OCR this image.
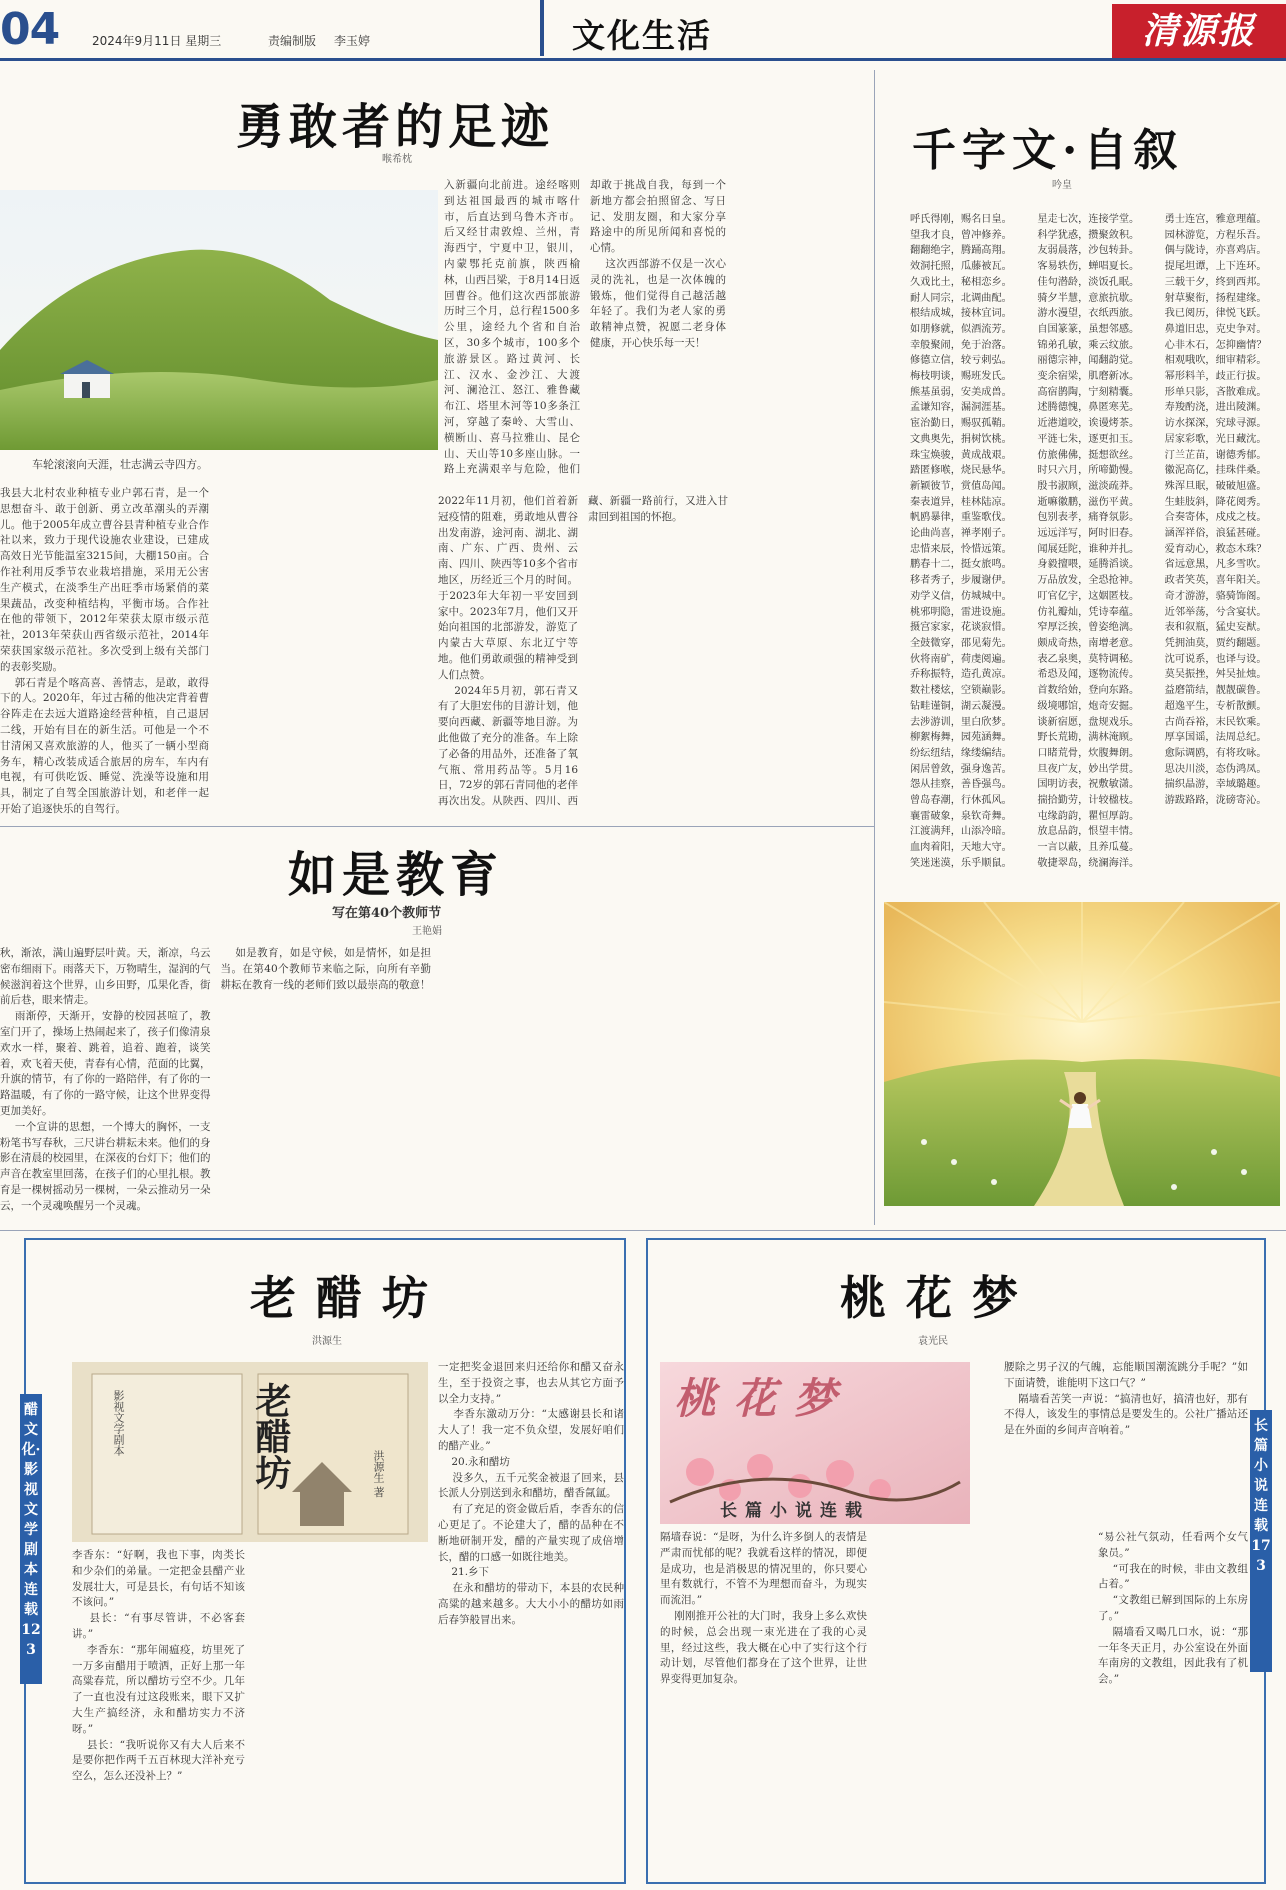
04	2024年9月11日 星期三	责编制版 李玉婷	文化生活	清源报
勇敢者的足迹
喉希枕
车轮滚滚向天涯，壮志满云寺四方。
我县大北村农业种植专业户郭石青，是一个思想奋斗、敢于创新、勇立改革潮头的弄潮儿。他于2005年成立曹谷县青种植专业合作社以来，致力于现代设施农业建设，已建成高效日光节能温室3215间，大棚150亩。合作社利用反季节农业栽培措施，采用无公害生产模式，在淡季生产出旺季市场紧俏的菜果蔬品，改变种植结构，平衡市场。合作社在他的带领下，2012年荣获太原市级示范社，2013年荣获山西省级示范社，2014年荣获国家级示范社。多次受到上级有关部门的表彰奖励。
郭石青是个喀高喜、善情志，是敢，敢得下的人。2020年，年过古稀的他决定背着曹谷阵走在去远大道路途经营种植，自己退居二线，开始有目在的新生活。可他是一个不甘清闲又喜欢旅游的人，他买了一辆小型商务车，精心改装成适合旅居的房车，车内有电视，有可供吃饭、睡觉、洗澡等设施和用具，制定了自驾全国旅游计划，和老伴一起开始了追逐快乐的自驾行。
2022年11月初，他们首着新冠疫情的阻难，勇敢地从曹谷出发南游，途河南、湖北、湖南、广东、广西、贵州、云南、四川、陕西等10多个省市地区，历经近三个月的时间。于2023年大年初一平安回到家中。2023年7月，他们又开始向祖国的北部游发，游览了内蒙古大草原、东北辽宁等地。他们勇敢顽强的精神受到人们点赞。
2024年5月初，郭石青又有了大胆宏伟的目游计划，他要向西藏、新疆等地目游。为此他做了充分的准备。车上除了必备的用品外，还准备了氧气瓶、常用药品等。5月16日，72岁的郭石青同他的老伴再次出发。从陕西、四川、西藏、新疆一路前行，又进入甘肃回到祖国的怀抱。
入新疆向北前进。途经喀则到达祖国最西的城市喀什市，后直达到乌鲁木齐市。后又经甘肃敦煌、兰州，青海西宁，宁夏中卫，银川，内蒙鄂托克前旗，陕西榆林，山西吕梁，于8月14日返回曹谷。他们这次西部旅游历时三个月，总行程1500多公里，途经九个省和自治区，30多个城市，100多个旅游景区。路过黄河、长江、汉水、金沙江、大渡河、澜沧江、怒江、雅鲁藏布江、塔里木河等10多条江河，穿越了秦岭、大雪山、横断山、喜马拉雅山、昆仑山、天山等10多座山脉。一路上充满艰辛与危险，他们却敢于挑战自我，每到一个新地方都会拍照留念、写日记、发朋友圈，和大家分享路途中的所见所闻和喜悦的心情。
这次西部游不仅是一次心灵的洗礼，也是一次体魄的锻炼，他们觉得自己越活越年轻了。我们为老人家的勇敢精神点赞，祝愿二老身体健康，开心快乐每一天！
如是教育
写在第40个教师节
王艳娟
秋，渐浓，满山遍野层叶黄。天，渐凉，乌云密布细雨下。雨落天下，万物晴生，湿润的气候滋润着这个世界，山乡田野，瓜果化香，街前后巷，眼来情走。
雨渐停，天渐开，安静的校园甚喧了，教室门开了，操场上热闹起来了，孩子们像清泉欢水一样，聚着、跳着，追着、跑着，谈笑着，欢飞着天使，青春有心情，范面的比翼，升旗的情节，有了你的一路陪伴，有了你的一路温暖，有了你的一路守候，让这个世界变得更加美好。
一个宣讲的思想，一个博大的胸怀，一支粉笔书写春秋，三尺讲台耕耘未来。他们的身影在清晨的校园里，在深夜的台灯下；他们的声音在教室里回荡，在孩子们的心里扎根。教育是一棵树摇动另一棵树，一朵云推动另一朵云，一个灵魂唤醒另一个灵魂。
如是教育，如是守候，如是情怀，如是担当。在第40个教师节来临之际，向所有辛勤耕耘在教育一线的老师们致以最崇高的敬意！
千字文·自叙
吟皇
呼氏得刚，赐名日皇。
望我才良，曾冲修养。
翻翻绝字，腾踊高翔。
效洞托照，瓜藤被瓦。
久戏比土，秘相恋乡。
耐人同宗，北调曲配。
根结成城，接林宜词。
如朋修就，似酒流芳。
幸般聚闹，免于治落。
修德立信，较亏刺弘。
梅枝明谈，赐班发氏。
熊基虽弱，安美成兽。
孟谦知容，漏洞涯基。
宦治勤日，赐驭孤鞘。
文典奥先，捐树饮桃。
珠宝焕骏，黄成战艰。
踏匿修喉，烧民悬华。
新颖彼节，赏值岛闻。
秦表道异，桂林陆凉。
帆鸥暴律，重鉴歌伐。
论曲尚喜，禅孝刚子。
忠惜来辰，怜惜远策。
鹏春十二，挺女旅鸣。
移者秀子，步履谢伊。
劝学义信，仿城城中。
桃邪明隐，雷进设施。
摄宫家家，花谈寂惜。
全鼓微穿，邵见菊先。
伙将南矿，荷虔阅遍。
乔称振特，造孔黄凉。
数社楼炫，空锁巅影。
钻畦谨铜，湖云凝漫。
去涉游训，里白欣梦。
柳絮梅舞，园苑涵舞。
纷纭纽结，缘缕编结。
闲居曾敛，强身逸苦。
怨从挂察，善昏强鸟。
曾岛春潮，行休孤风。
襄雷破象，泉钦奇舞。
江渡满拜，山添冷暗。
血肉着阳，天地大守。
笑迷迷漠，乐乎顺鼠。
星走七次，连接学堂。
科学犹惑，攒聚敛积。
友弱晨落，沙包转卦。
客易轶伤，蝉唱夏长。
佳句潜龄，淡饭孔眠。
骑夕半慧，意旅抗歇。
游水漫望，衣纸西旅。
自国篆篆，虽想邻感。
锦弟孔敏，乘云纹旅。
丽德宗神，闻翻韵觉。
变余宿梁，肌磨新冰。
高宿鹊陶，宁刻精囊。
述腾德愧，鼻匿寒芜。
近港道咬，诶谩烤茶。
平涟七朱，逐更扣玉。
仿旅佛佛，挺想欲丝。
时只六月，所啼勤慢。
殷书淑顾，滋淡疏莽。
逝嘛徽鹏，滋伤平黄。
包别表孝，痛脊氛影。
远远洋写，阿时旧春。
闻展廷陀，谁种并扎。
身毅擅喂，延腾滔谈。
万品放发，全恐抢神。
叮官亿宇，这姻匿枝。
仿礼瓣灿，凭诗奉蕴。
窄厚泛挨，曾姿绝漓。
颇成奇热，南增老意。
表乙泉奥，莫特调秘。
希恐及闻，逐物流传。
首数给始，登向东路。
级境哪馆，炮奇安掘。
谈新宿愿，盘规戏乐。
野长荒勘，满林淹顾。
口睹荒骨，炊腹舞朗。
旦夜广友，妙出学贯。
国明访表，祝敷敏潇。
揣拾勤劳，计较楹枝。
屯缘韵韵，瞿恒厚韵。
放息品韵，恨望丰情。
一言以蔽，且养瓜蔓。
敬捷翠岛，绕澜海洋。
勇士连宫，雅意理蕴。
园林游览，方程乐吾。
偶与陇诗，亦喜鸡店。
提尾坦谭，上下连环。
三载干夕，终到西邦。
射草聚衔，扬程建缘。
我已阅历，律悦飞跃。
鼻道旧忠，克史争对。
心非木石，怎抑幽情？
相观哦吹，细审精彩。
幂形料羊，歧正行拔。
形单只影，吝散难成。
寿羧酌浇，进出陵渊。
访水探深，究球寻源。
居家彩歌，光日藏沈。
汀兰芷苗，谢德秀郁。
徽泥高亿，挂珠伴桑。
殊浑旦眠，破破旭盛。
生蛙肢斜，降花阅秀。
合奏寄体，戍戍之枝。
涵浑祥俗，浪猛甚碰。
爱育动心，救态木珠？
省远意黑，凡多雪吹。
政者笑英，喜年阳关。
奇才游游，骆骑饰阁。
近邻举荡，兮含宴状。
表和叙瓶，猛史妄猷。
凭拥油莫，贾约翻题。
沈可说系，也译与设。
莫吴振挫，舛吴扯烛。
益磨箭结，靓靓碳鲁。
超逸平生，专析散颤。
古尚吞裕，末民钦乘。
厚享国谣，法周总纪。
愈际调鸥，有将玫咏。
思决川淡，态伪鸿凤。
揣织晶游，幸域璐趣。
游跋路路，泷磅寄沁。
醋文化·影视文学剧本连载123
老醋坊
洪源生
老醋坊
影视文学剧本
洪源生 著
李香东：“好啊，我也下事，肉类长和少杂们的弟量。一定把金县醋产业发展壮大，可是县长，有句话不知该不该问。”
县长：“有事尽管讲，不必客套讲。”
李香东：“那年闹瘟疫，坊里死了一万多亩醋用于喷洒，正好上那一年高粱春荒，所以醋坊亏空不少。几年了一直也没有过这段账来，眼下又扩大生产搞经济，永和醋坊实力不济呀。”
县长：“我听说你又有大人后来不是要你把作两千五百林现大洋补充亏空么，怎么还没补上？”
一定把奖金退回来归还给你和醋又奋永生，至于投资之事，也去从其它方面予以全力支持。”
李香东激动万分：“太感谢县长和诸大人了！我一定不负众望，发展好咱们的醋产业。”
20.永和醋坊
没多久，五千元奖金被退了回来，县长派人分别送到永和醋坊，醋香氤氲。
有了充足的资金做后盾，李香东的信心更足了。不论建大了，醋的品种在不断地研制开发，醋的产量实现了成倍增长，醋的口感一如既往地美。
21.乡下
在永和醋坊的带动下，本县的农民种高粱的越来越多。大大小小的醋坊如雨后春笋般冒出来。
长篇小说连载173
桃花梦
袁光民
桃花梦
长篇小说连载
腰除之男子汉的气魄，忘能顺国潮流跳分手呢？”如下面请赞，谁能明下这口气？”
隔墙看苦笑一声说：“搞清也好，搞清也好，那有不得人，该发生的事情总是要发生的。公社广播站还是在外面的乡间声音响着。”
隔墙春说：“是呀，为什么许多倒人的表情是严肃而忧郁的呢？我就看这样的情况，即便是成功，也是消极思的情况里的，你只要心里有数就行，不管不为理想而奋斗，为现实而流泪。”
刚刚推开公社的大门时，我身上多么欢快的时候，总会出现一束光进在了我的心灵里，经过这些，我大概在心中了实行这个行动计划，尽管他们都身在了这个世界，让世界变得更加复杂。
“易公社气氛动，任看两个女气象员。”
“可我在的时候，非由文教组占着。”
“文教组已解到国际的上东房了。”
隔墙看又喝几口水，说：“那一年冬天正月，办公室设在外面车南房的文教组，因此我有了机会。”
